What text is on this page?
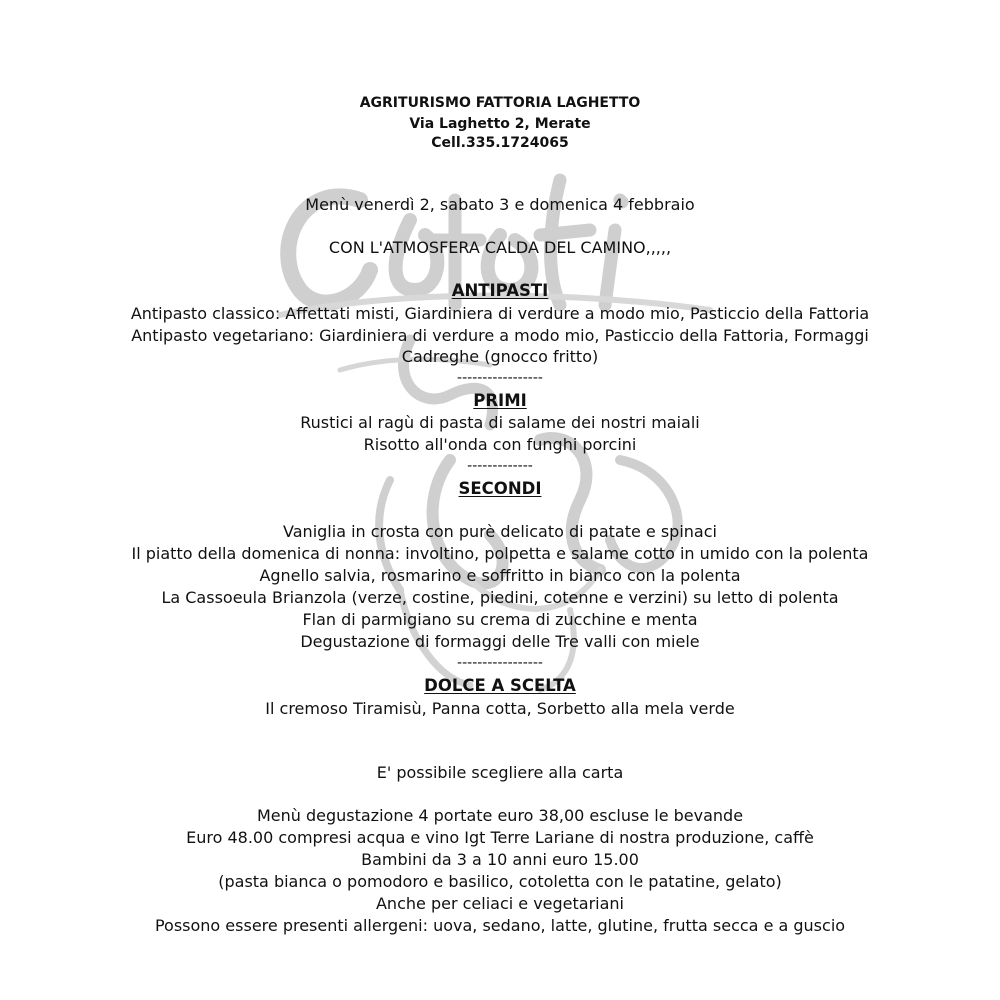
AGRITURISMO FATTORIA LAGHETTO
Via Laghetto 2, Merate
Cell.335.1724065
Menù venerdì 2, sabato 3 e domenica 4 febbraio
CON L'ATMOSFERA CALDA DEL CAMINO,,,,,
ANTIPASTI
Antipasto classico: Affettati misti, Giardiniera di verdure a modo mio, Pasticcio della Fattoria
Antipasto vegetariano: Giardiniera di verdure a modo mio, Pasticcio della Fattoria, Formaggi
Cadreghe (gnocco fritto)
-----------------
PRIMI
Rustici al ragù di pasta di salame dei nostri maiali
Risotto all'onda con funghi porcini
-------------
SECONDI
Vaniglia in crosta con purè delicato di patate e spinaci
Il piatto della domenica di nonna: involtino, polpetta e salame cotto in umido con la polenta
Agnello salvia, rosmarino e soffritto in bianco con la polenta
La Cassoeula Brianzola (verze, costine, piedini, cotenne e verzini) su letto di polenta
Flan di parmigiano su crema di zucchine e menta
Degustazione di formaggi delle Tre valli con miele
-----------------
DOLCE A SCELTA
Il cremoso Tiramisù, Panna cotta, Sorbetto alla mela verde
E' possibile scegliere alla carta
Menù degustazione 4 portate euro 38,00 escluse le bevande
Euro 48.00 compresi acqua e vino Igt Terre Lariane di nostra produzione, caffè
Bambini da 3 a 10 anni euro 15.00
(pasta bianca o pomodoro e basilico, cotoletta con le patatine, gelato)
Anche per celiaci e vegetariani
Possono essere presenti allergeni: uova, sedano, latte, glutine, frutta secca e a guscio
